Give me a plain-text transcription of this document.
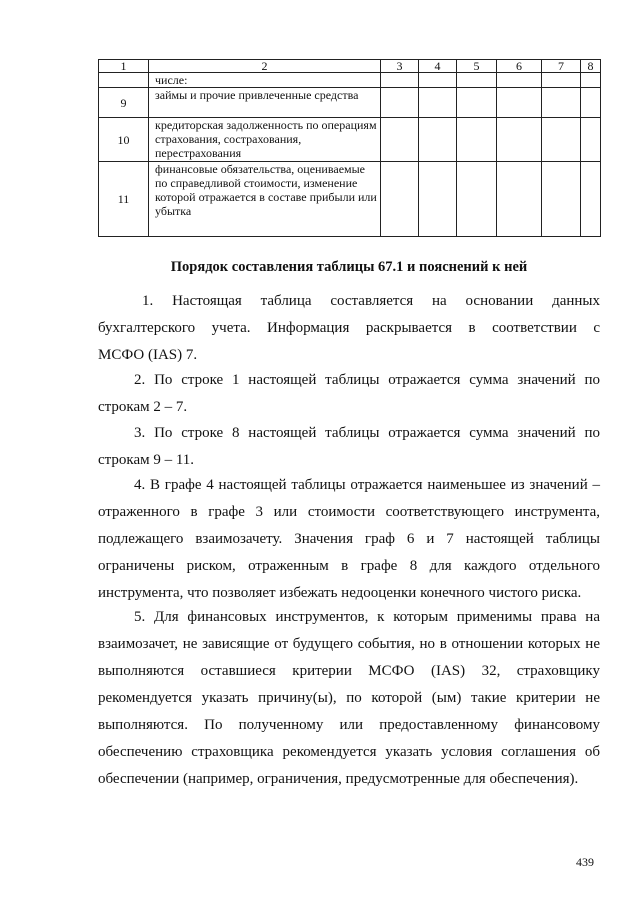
1	2	3	4	5	6	7	8
	числе:						
9	займы и прочие привлеченные средства						
10	кредиторская задолженность по операциям страхования, сострахования, перестрахования						
11	финансовые обязательства, оцениваемые по справедливой стоимости, изменение которой отражается в составе прибыли или убытка						
Порядок составления таблицы 67.1 и пояснений к ней
1. Настоящая таблица составляется на основании данных
бухгалтерского учета. Информация раскрывается в соответствии с
МСФО (IAS) 7.
2. По строке 1 настоящей таблицы отражается сумма значений по
строкам 2 – 7.
3. По строке 8 настоящей таблицы отражается сумма значений по
строкам 9 – 11.
4. В графе 4 настоящей таблицы отражается наименьшее из значений –
отраженного в графе 3 или стоимости соответствующего инструмента,
подлежащего взаимозачету. Значения граф 6 и 7 настоящей таблицы
ограничены риском, отраженным в графе 8 для каждого отдельного
инструмента, что позволяет избежать недооценки конечного чистого риска.
5. Для финансовых инструментов, к которым применимы права на
взаимозачет, не зависящие от будущего события, но в отношении которых не
выполняются оставшиеся критерии МСФО (IAS) 32, страховщику
рекомендуется указать причину(ы), по которой (ым) такие критерии не
выполняются. По полученному или предоставленному финансовому
обеспечению страховщика рекомендуется указать условия соглашения об
обеспечении (например, ограничения, предусмотренные для обеспечения).
439
